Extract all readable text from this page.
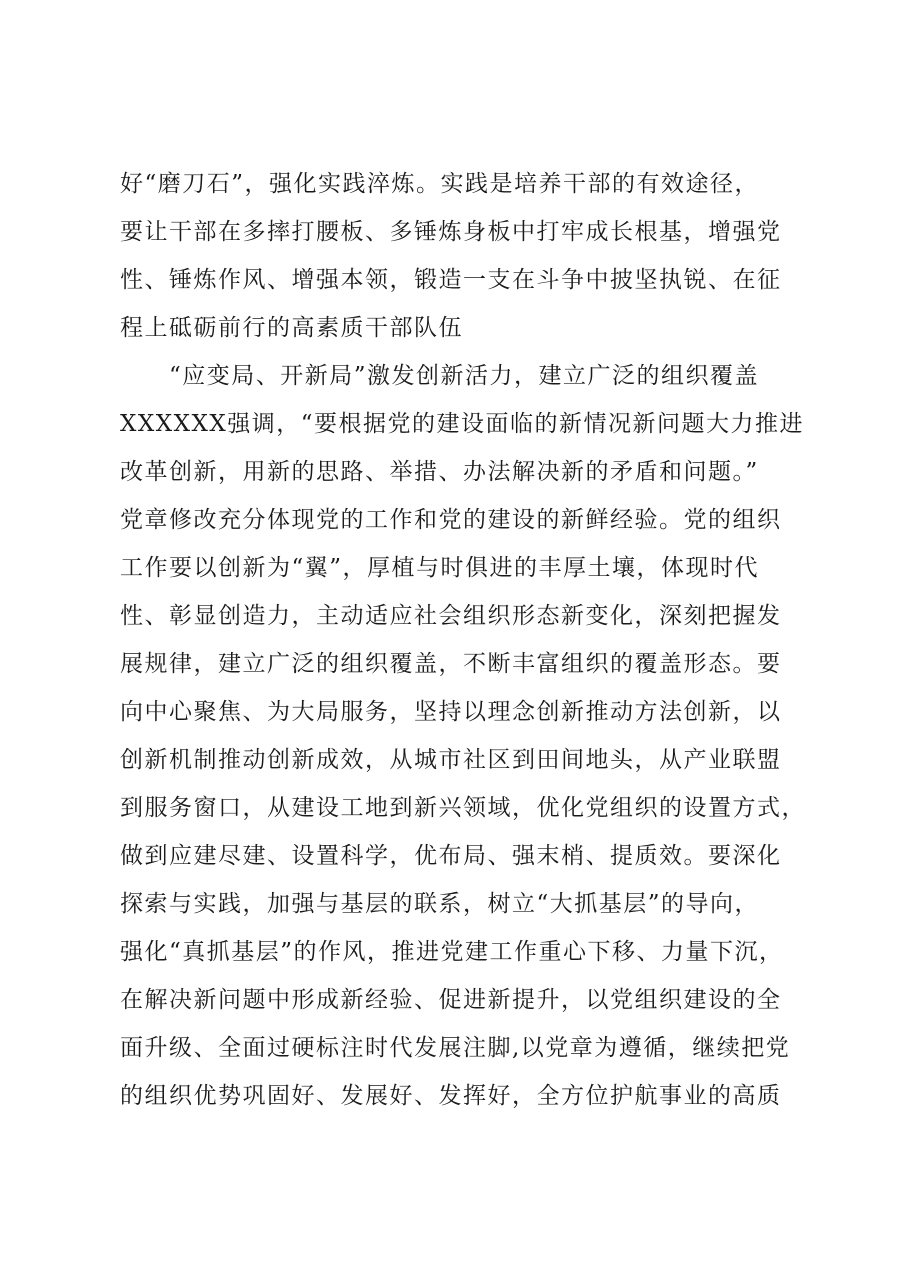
好“磨刀石”，强化实践淬炼。实践是培养干部的有效途径，
要让干部在多摔打腰板、多锤炼身板中打牢成长根基，增强党
性、锤炼作风、增强本领，锻造一支在斗争中披坚执锐、在征
程上砥砺前行的高素质干部队伍
　　“应变局、开新局”激发创新活力，建立广泛的组织覆盖
XXXXXX强调，“要根据党的建设面临的新情况新问题大力推进
改革创新，用新的思路、举措、办法解决新的矛盾和问题。”
党章修改充分体现党的工作和党的建设的新鲜经验。党的组织
工作要以创新为“翼”，厚植与时俱进的丰厚土壤，体现时代
性、彰显创造力，主动适应社会组织形态新变化，深刻把握发
展规律，建立广泛的组织覆盖，不断丰富组织的覆盖形态。要
向中心聚焦、为大局服务，坚持以理念创新推动方法创新，以
创新机制推动创新成效，从城市社区到田间地头，从产业联盟
到服务窗口，从建设工地到新兴领域，优化党组织的设置方式，
做到应建尽建、设置科学，优布局、强末梢、提质效。要深化
探索与实践，加强与基层的联系，树立“大抓基层”的导向，
强化“真抓基层”的作风，推进党建工作重心下移、力量下沉，
在解决新问题中形成新经验、促进新提升，以党组织建设的全
面升级、全面过硬标注时代发展注脚,以党章为遵循，继续把党
的组织优势巩固好、发展好、发挥好，全方位护航事业的高质
